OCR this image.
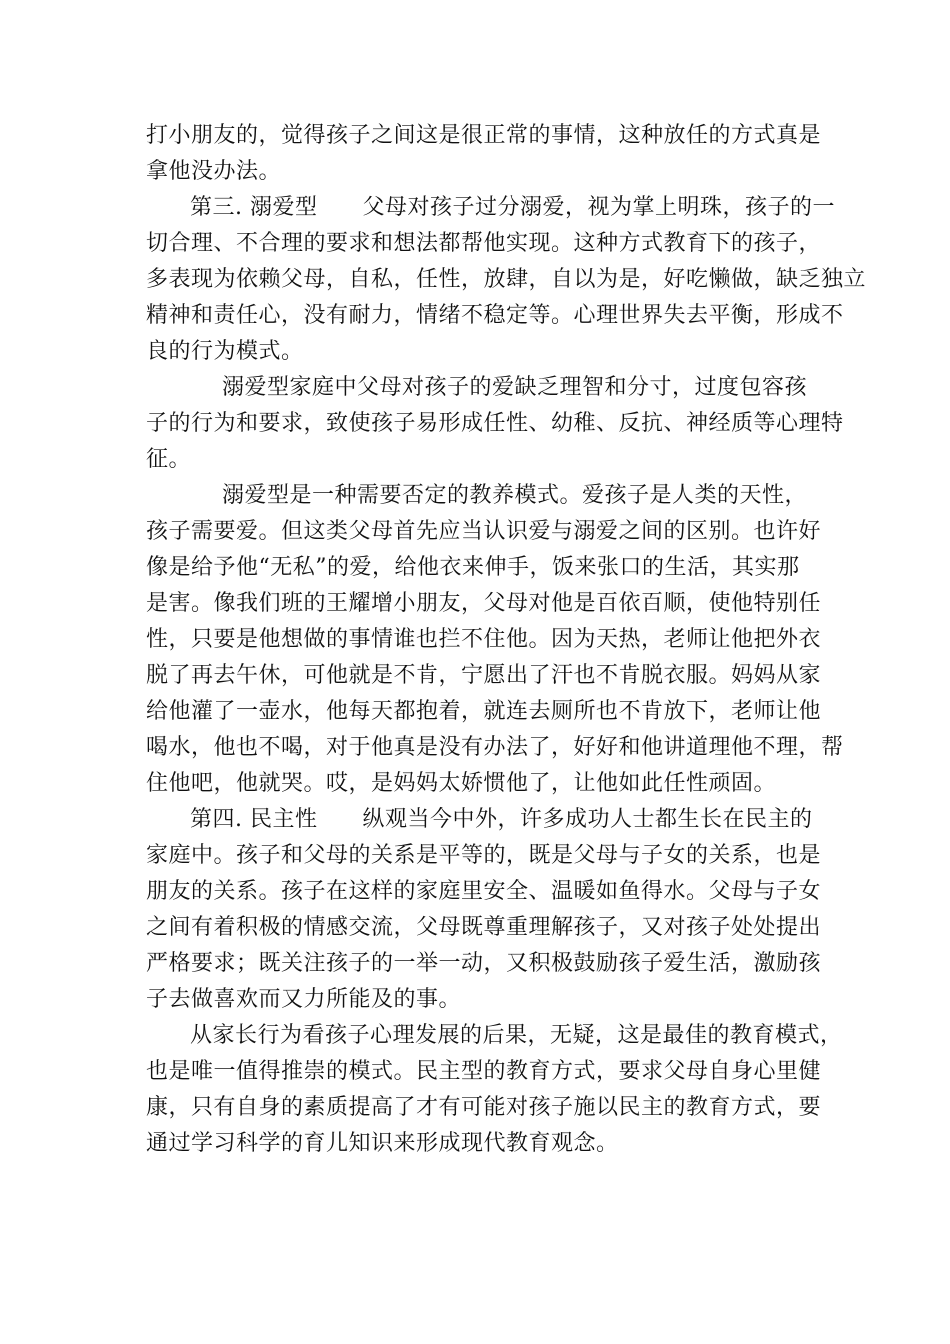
打小朋友的，觉得孩子之间这是很正常的事情，这种放任的方式真是
拿他没办法。

第三. 溺爱型　　父母对孩子过分溺爱，视为掌上明珠，孩子的一
切合理、不合理的要求和想法都帮他实现。这种方式教育下的孩子，
多表现为依赖父母，自私，任性，放肆，自以为是，好吃懒做，缺乏独立
精神和责任心，没有耐力，情绪不稳定等。心理世界失去平衡，形成不
良的行为模式。

溺爱型家庭中父母对孩子的爱缺乏理智和分寸，过度包容孩
子的行为和要求，致使孩子易形成任性、幼稚、反抗、神经质等心理特
征。

溺爱型是一种需要否定的教养模式。爱孩子是人类的天性，
孩子需要爱。但这类父母首先应当认识爱与溺爱之间的区别。也许好
像是给予他“无私”的爱，给他衣来伸手，饭来张口的生活，其实那
是害。像我们班的王耀增小朋友，父母对他是百依百顺，使他特别任
性，只要是他想做的事情谁也拦不住他。因为天热，老师让他把外衣
脱了再去午休，可他就是不肯，宁愿出了汗也不肯脱衣服。妈妈从家
给他灌了一壶水，他每天都抱着，就连去厕所也不肯放下，老师让他
喝水，他也不喝，对于他真是没有办法了，好好和他讲道理他不理，帮
住他吧，他就哭。哎，是妈妈太娇惯他了，让他如此任性顽固。

第四. 民主性　　纵观当今中外，许多成功人士都生长在民主的
家庭中。孩子和父母的关系是平等的，既是父母与子女的关系，也是
朋友的关系。孩子在这样的家庭里安全、温暖如鱼得水。父母与子女
之间有着积极的情感交流，父母既尊重理解孩子，又对孩子处处提出
严格要求；既关注孩子的一举一动，又积极鼓励孩子爱生活，激励孩
子去做喜欢而又力所能及的事。

从家长行为看孩子心理发展的后果，无疑，这是最佳的教育模式，
也是唯一值得推崇的模式。民主型的教育方式，要求父母自身心里健
康，只有自身的素质提高了才有可能对孩子施以民主的教育方式，要
通过学习科学的育儿知识来形成现代教育观念。
